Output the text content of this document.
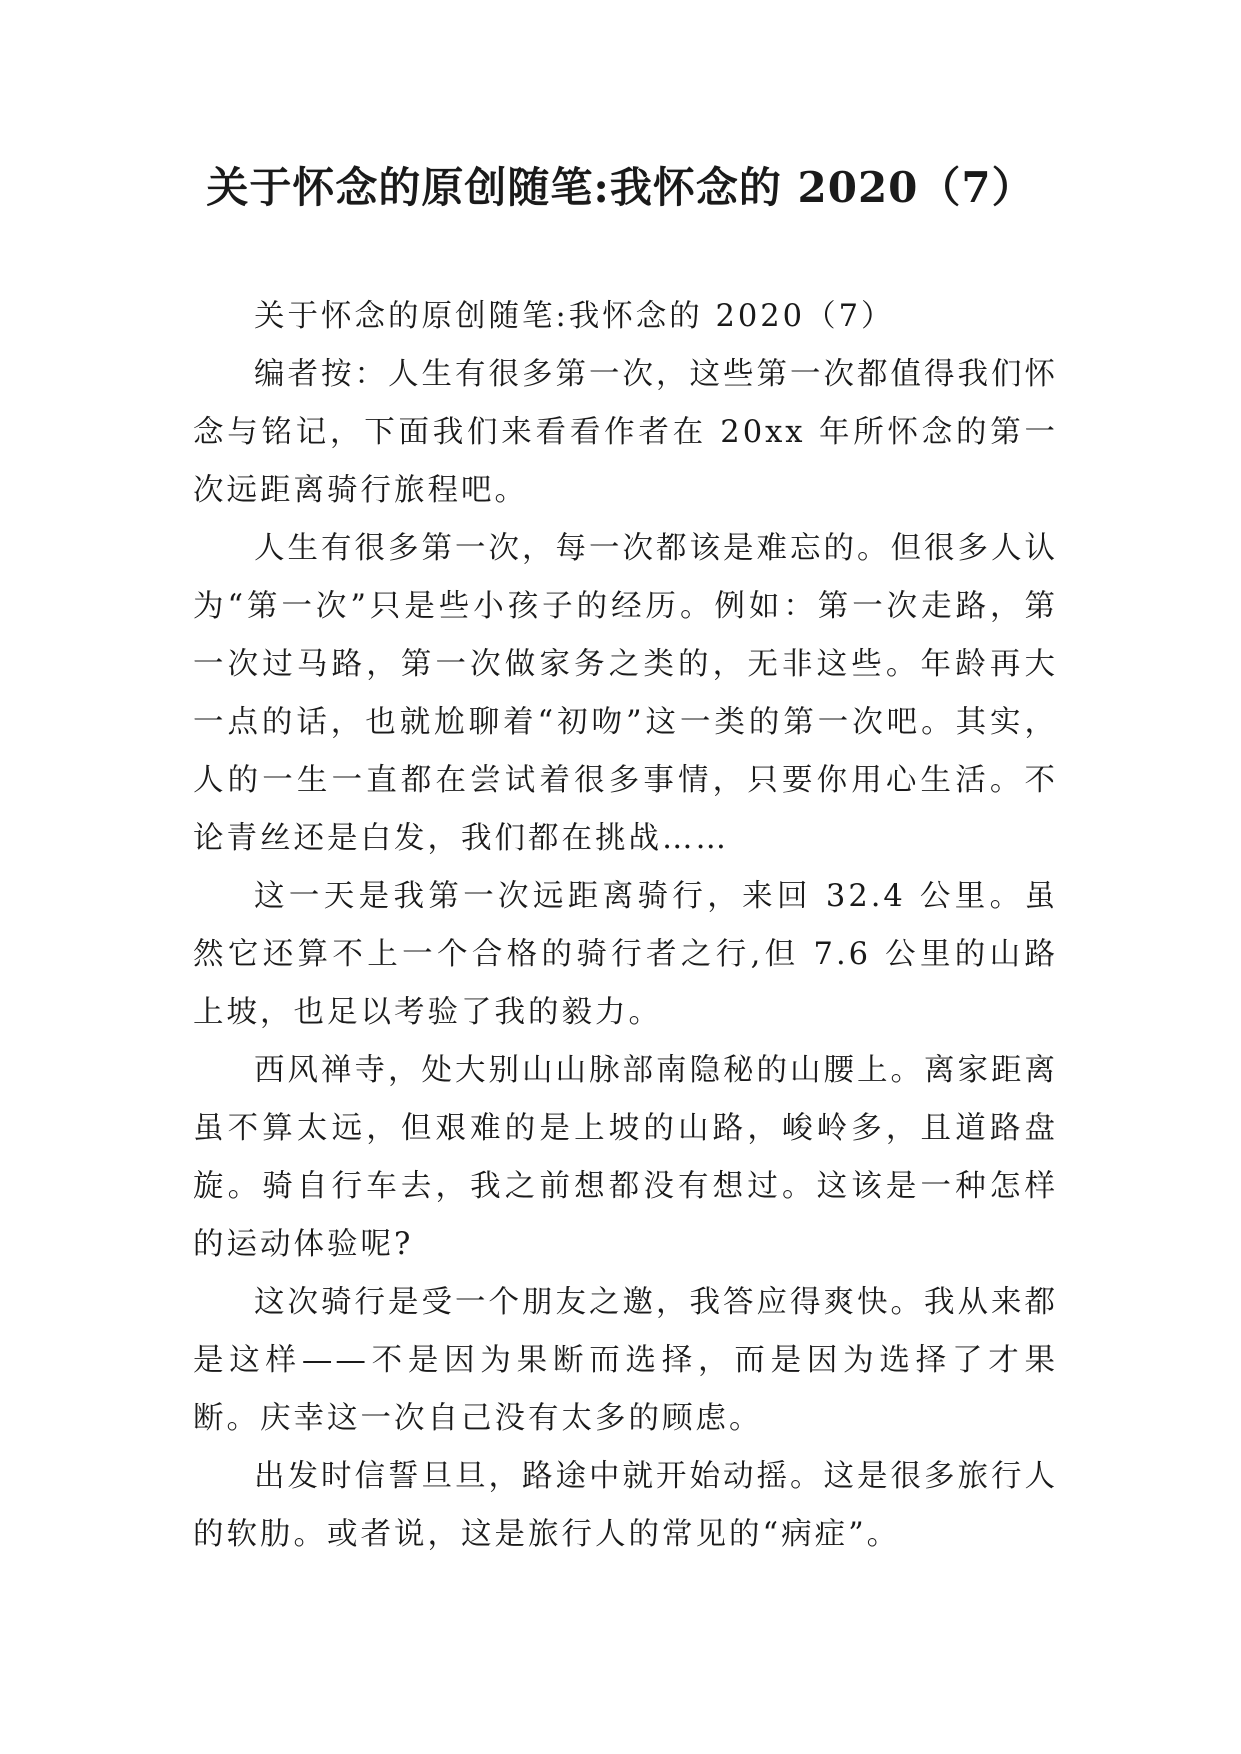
关于怀念的原创随笔:我怀念的 2020（7）

关于怀念的原创随笔:我怀念的 2020（7）

编者按：人生有很多第一次，这些第一次都值得我们怀念与铭记，下面我们来看看作者在 20xx 年所怀念的第一次远距离骑行旅程吧。

人生有很多第一次，每一次都该是难忘的。但很多人认为“第一次”只是些小孩子的经历。例如：第一次走路，第一次过马路，第一次做家务之类的，无非这些。年龄再大一点的话，也就尬聊着“初吻”这一类的第一次吧。其实，人的一生一直都在尝试着很多事情，只要你用心生活。不论青丝还是白发，我们都在挑战……

这一天是我第一次远距离骑行，来回 32.4 公里。虽然它还算不上一个合格的骑行者之行,但 7.6 公里的山路上坡，也足以考验了我的毅力。

西风禅寺，处大别山山脉部南隐秘的山腰上。离家距离虽不算太远，但艰难的是上坡的山路，峻岭多，且道路盘旋。骑自行车去，我之前想都没有想过。这该是一种怎样的运动体验呢?

这次骑行是受一个朋友之邀，我答应得爽快。我从来都是这样——不是因为果断而选择，而是因为选择了才果断。庆幸这一次自己没有太多的顾虑。

出发时信誓旦旦，路途中就开始动摇。这是很多旅行人的软肋。或者说，这是旅行人的常见的“病症”。
